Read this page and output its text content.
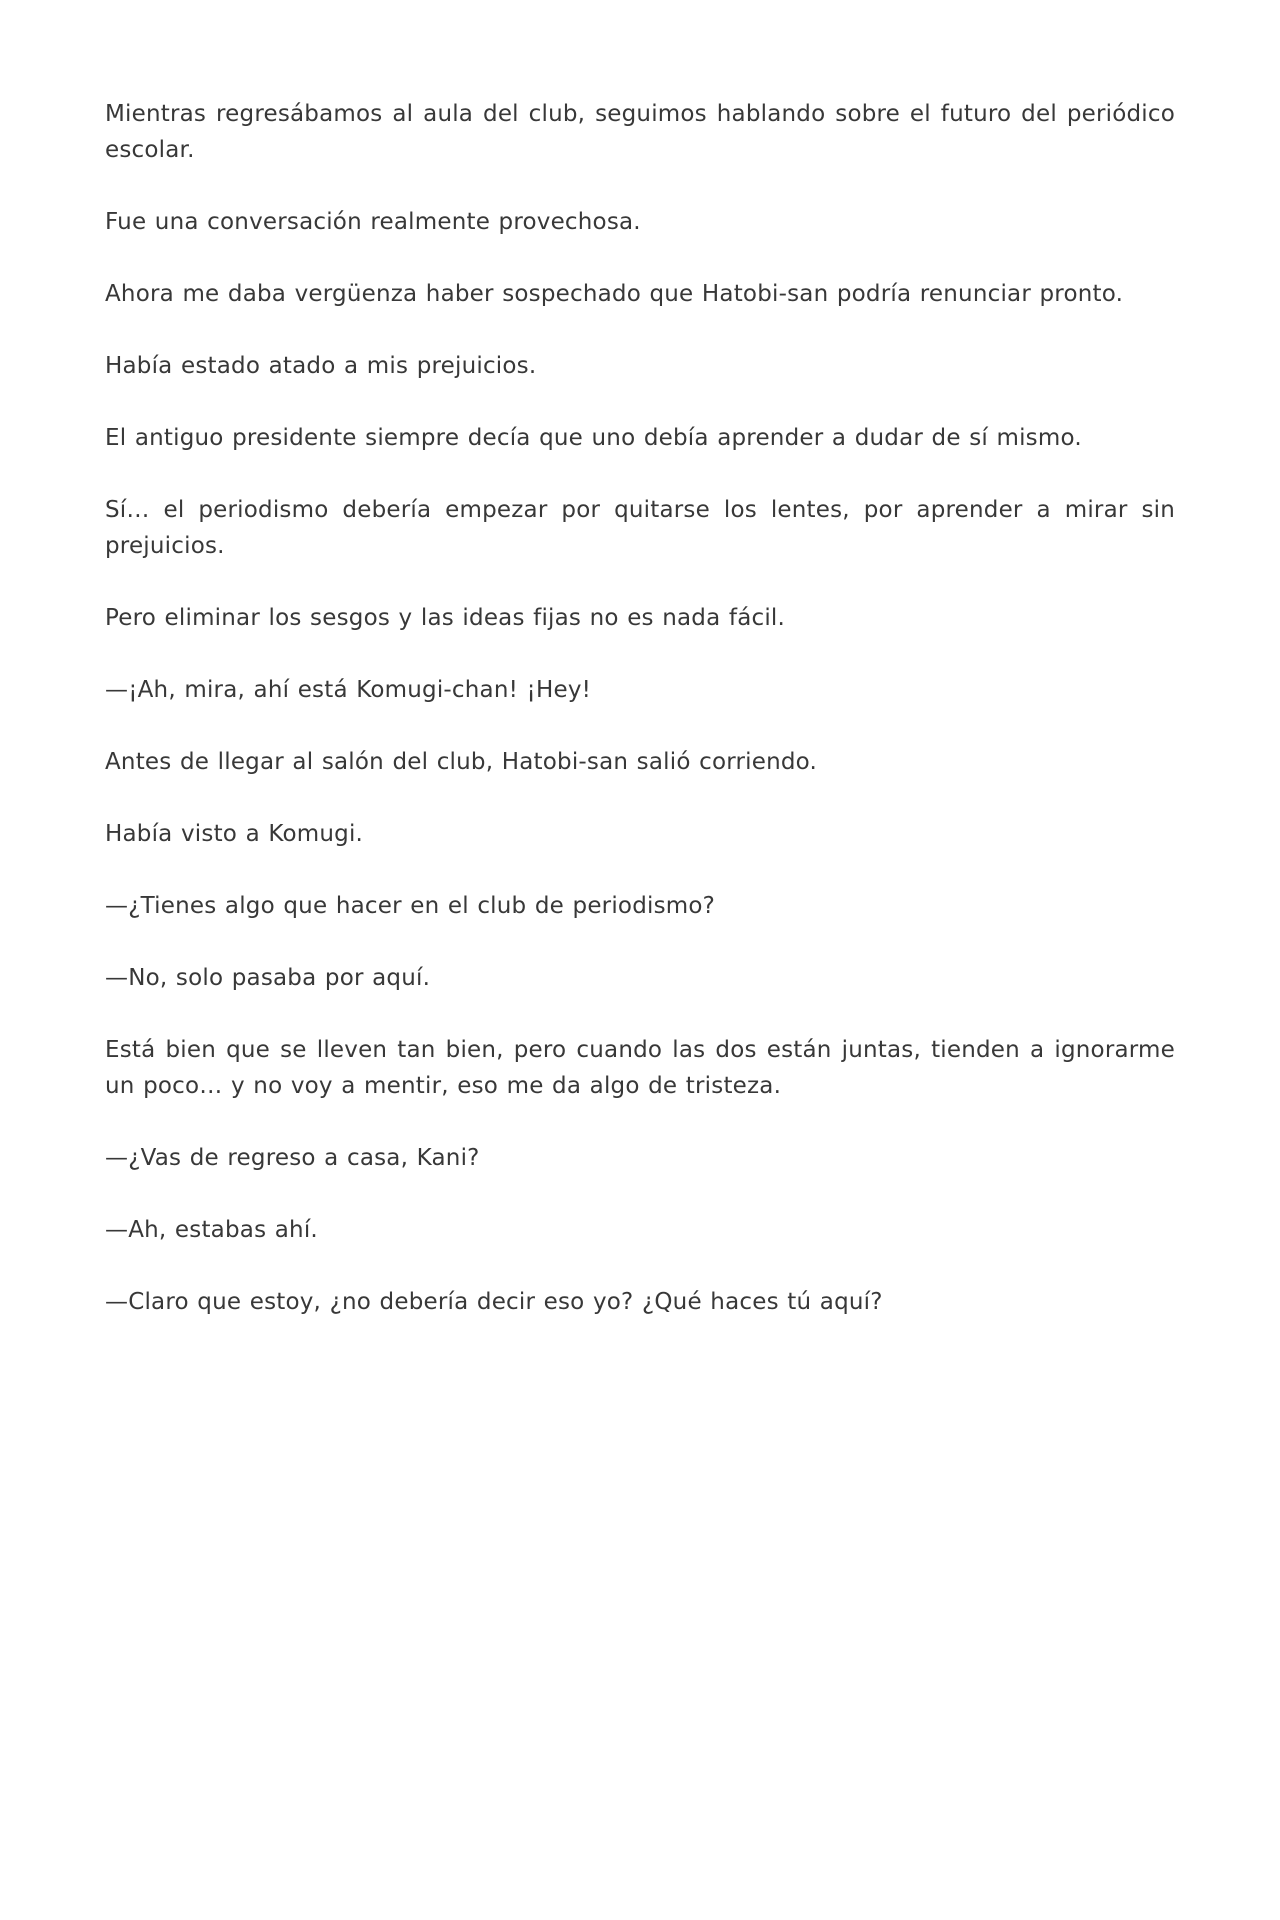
Mientras regresábamos al aula del club, seguimos hablando sobre el futuro del periódico escolar.

Fue una conversación realmente provechosa.

Ahora me daba vergüenza haber sospechado que Hatobi-san podría renunciar pronto.

Había estado atado a mis prejuicios.

El antiguo presidente siempre decía que uno debía aprender a dudar de sí mismo.

Sí… el periodismo debería empezar por quitarse los lentes, por aprender a mirar sin prejuicios.

Pero eliminar los sesgos y las ideas fijas no es nada fácil.

—¡Ah, mira, ahí está Komugi-chan! ¡Hey!

Antes de llegar al salón del club, Hatobi-san salió corriendo.

Había visto a Komugi.

—¿Tienes algo que hacer en el club de periodismo?

—No, solo pasaba por aquí.

Está bien que se lleven tan bien, pero cuando las dos están juntas, tienden a ignorarme un poco… y no voy a mentir, eso me da algo de tristeza.

—¿Vas de regreso a casa, Kani?

—Ah, estabas ahí.

—Claro que estoy, ¿no debería decir eso yo? ¿Qué haces tú aquí?
